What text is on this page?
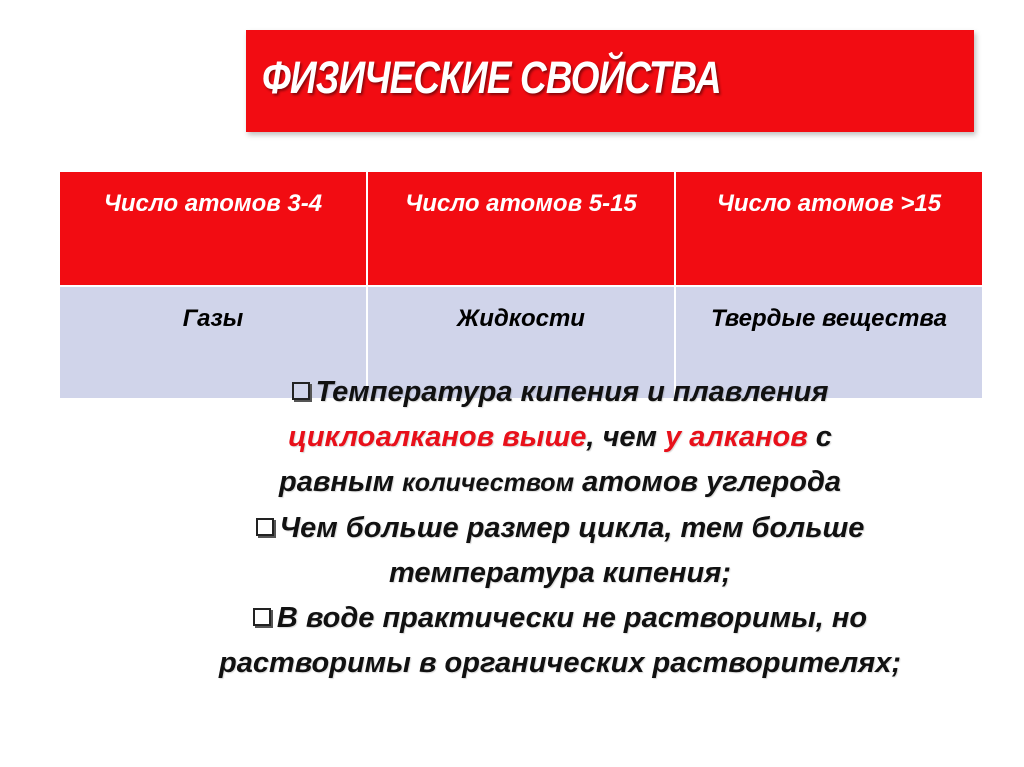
ФИЗИЧЕСКИЕ СВОЙСТВА
Число атомов 3-4	Число атомов 5-15	Число атомов >15
Газы	Жидкости	Твердые вещества
Температура кипения и плавления
циклоалканов выше, чем у алканов с
равным количеством атомов углерода
Чем больше размер цикла, тем больше
температура кипения;
В воде практически не растворимы, но
растворимы в органических растворителях;
